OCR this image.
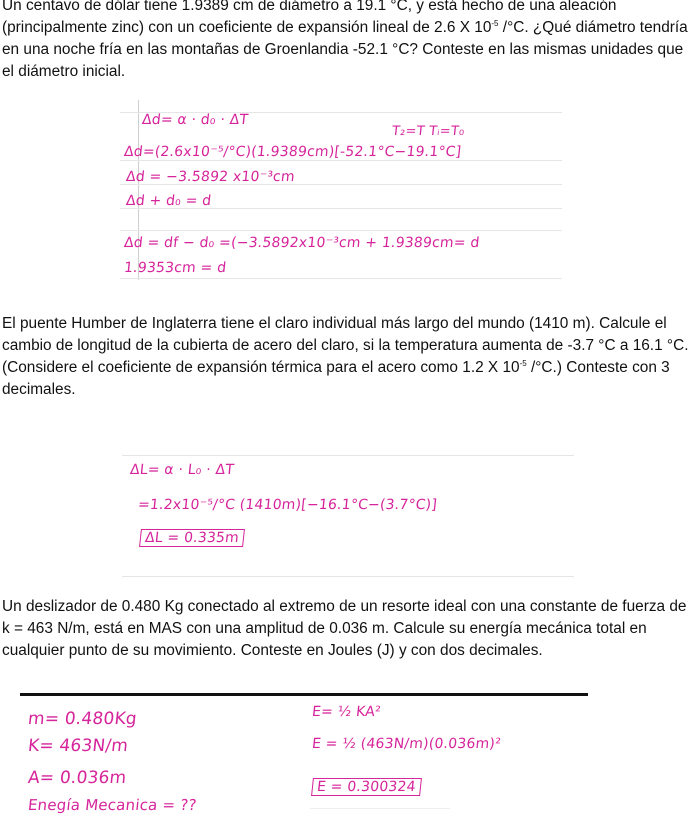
Un centavo de dólar tiene 1.9389 cm de diámetro a 19.1 °C, y está hecho de una aleación (principalmente zinc) con un coeficiente de expansión lineal de 2.6 X $10^{-5}$ /°C. ¿Qué diámetro tendría en una noche fría en las montañas de Groenlandia -52.1 °C? Conteste en las mismas unidades que el diámetro inicial.

Δd= α · d₀ · ΔT
T₂=T Tᵢ=T₀
Δd=(2.6x10⁻⁵/°C)(1.9389cm)[-52.1°C−19.1°C]
Δd = −3.5892 x10⁻³cm
Δd + d₀ = d
Δd = df − d₀ =(−3.5892x10⁻³cm + 1.9389cm= d
1.9353cm = d

El puente Humber de Inglaterra tiene el claro individual más largo del mundo (1410 m). Calcule el cambio de longitud de la cubierta de acero del claro, si la temperatura aumenta de -3.7 °C a 16.1 °C. (Considere el coeficiente de expansión térmica para el acero como 1.2 X $10^{-5}$ /°C.) Conteste con 3 decimales.

ΔL= α · L₀ · ΔT
=1.2x10⁻⁵/°C (1410m)[−16.1°C−(3.7°C)]
ΔL = 0.335m

Un deslizador de 0.480 Kg conectado al extremo de un resorte ideal con una constante de fuerza de k = 463 N/m, está en MAS con una amplitud de 0.036 m. Calcule su energía mecánica total en cualquier punto de su movimiento. Conteste en Joules (J) y con dos decimales.

m= 0.480Kg
K= 463N/m
A= 0.036m
Enegía Mecanica = ??
E= ½ KA²
E = ½ (463N/m)(0.036m)²
E = 0.300324
